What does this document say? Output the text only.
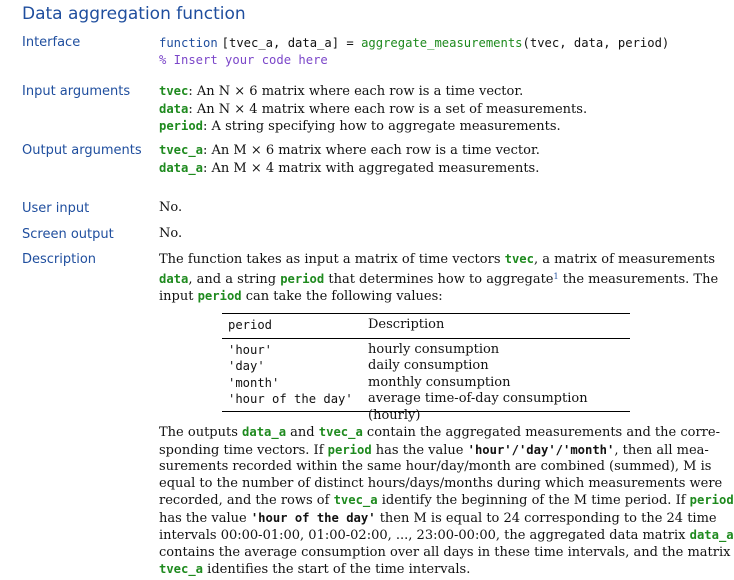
Data aggregation function
Interface	function [tvec_a, data_a] = aggregate_measurements(tvec, data, period)
% Insert your code here
Input arguments tvec: An N × 6 matrix where each row is a time vector.
data: An N × 4 matrix where each row is a set of measurements.
period: A string specifying how to aggregate measurements.
Output arguments tvec_a: An M × 6 matrix where each row is a time vector.
data_a: An M × 4 matrix with aggregated measurements.
User input	No.
Screen output	No.
Description	The function takes as input a matrix of time vectors tvec, a matrix of measurements
data, and a string period that determines how to aggregate$^1$ the measurements. The
input period can take the following values:
period	Description
'hour'	hourly consumption
'day'	daily consumption
'month'	monthly consumption
'hour of the day' average time-of-day consumption (hourly)
The outputs data_a and tvec_a contain the aggregated measurements and the corre-
sponding time vectors. If period has the value 'hour'/'day'/'month', then all mea-
surements recorded within the same hour/day/month are combined (summed), M is
equal to the number of distinct hours/days/months during which measurements were
recorded, and the rows of tvec_a identify the beginning of the M time period. If period
has the value 'hour of the day' then M is equal to 24 corresponding to the 24 time
intervals 00:00-01:00, 01:00-02:00, ..., 23:00-00:00, the aggregated data matrix data_a
contains the average consumption over all days in these time intervals, and the matrix
tvec_a identifies the start of the time intervals.
